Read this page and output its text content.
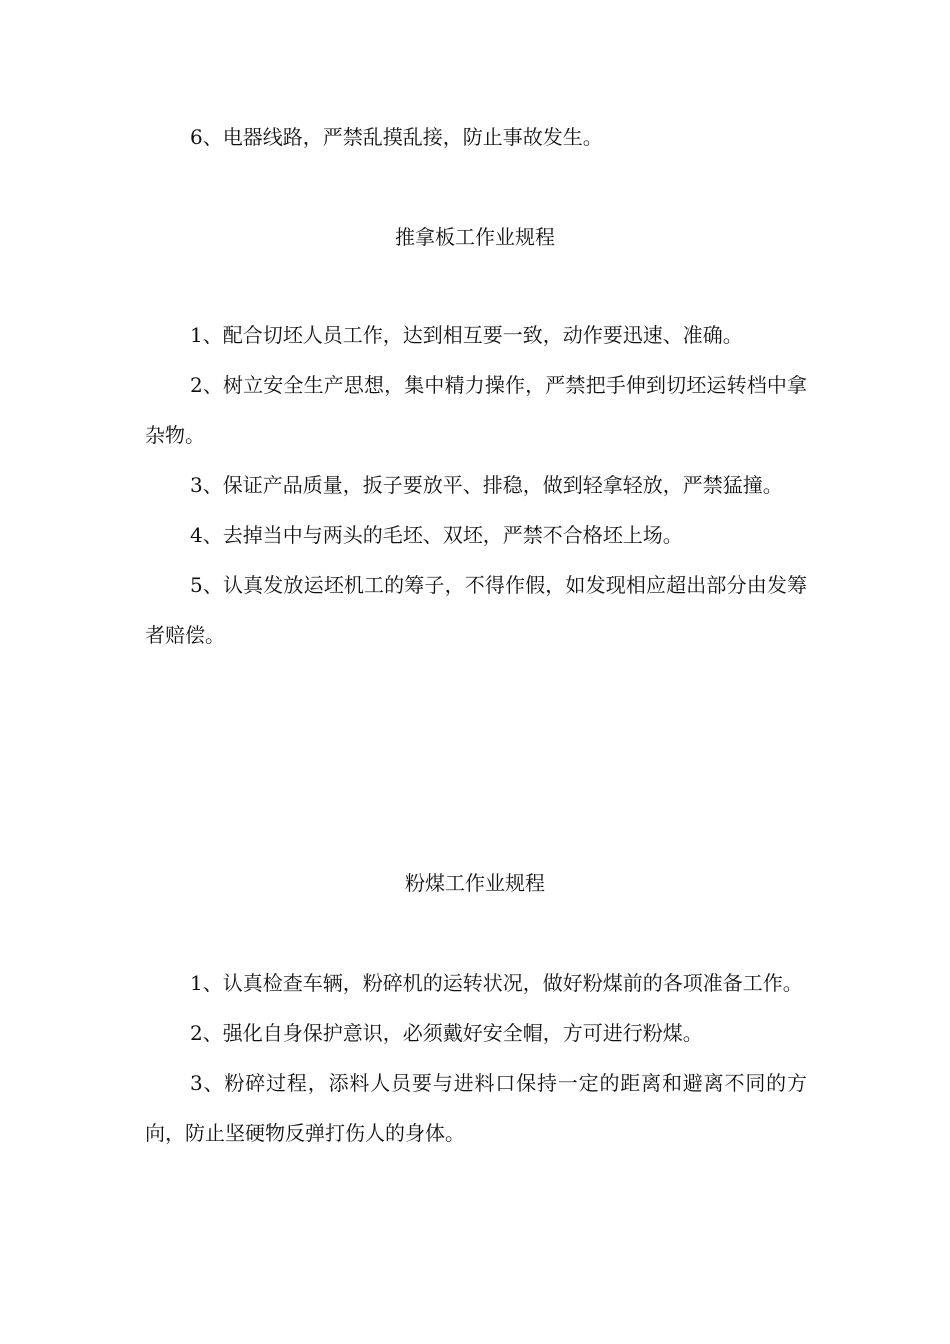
6、电器线路，严禁乱摸乱接，防止事故发生。

推拿板工作业规程

1、配合切坯人员工作，达到相互要一致，动作要迅速、准确。

2、树立安全生产思想，集中精力操作，严禁把手伸到切坯运转档中拿杂物。

3、保证产品质量，扳子要放平、排稳，做到轻拿轻放，严禁猛撞。

4、去掉当中与两头的毛坯、双坯，严禁不合格坯上场。

5、认真发放运坯机工的筹子，不得作假，如发现相应超出部分由发筹者赔偿。

粉煤工作业规程

1、认真检查车辆，粉碎机的运转状况，做好粉煤前的各项准备工作。

2、强化自身保护意识，必须戴好安全帽，方可进行粉煤。

3、粉碎过程，添料人员要与进料口保持一定的距离和避离不同的方向，防止坚硬物反弹打伤人的身体。
